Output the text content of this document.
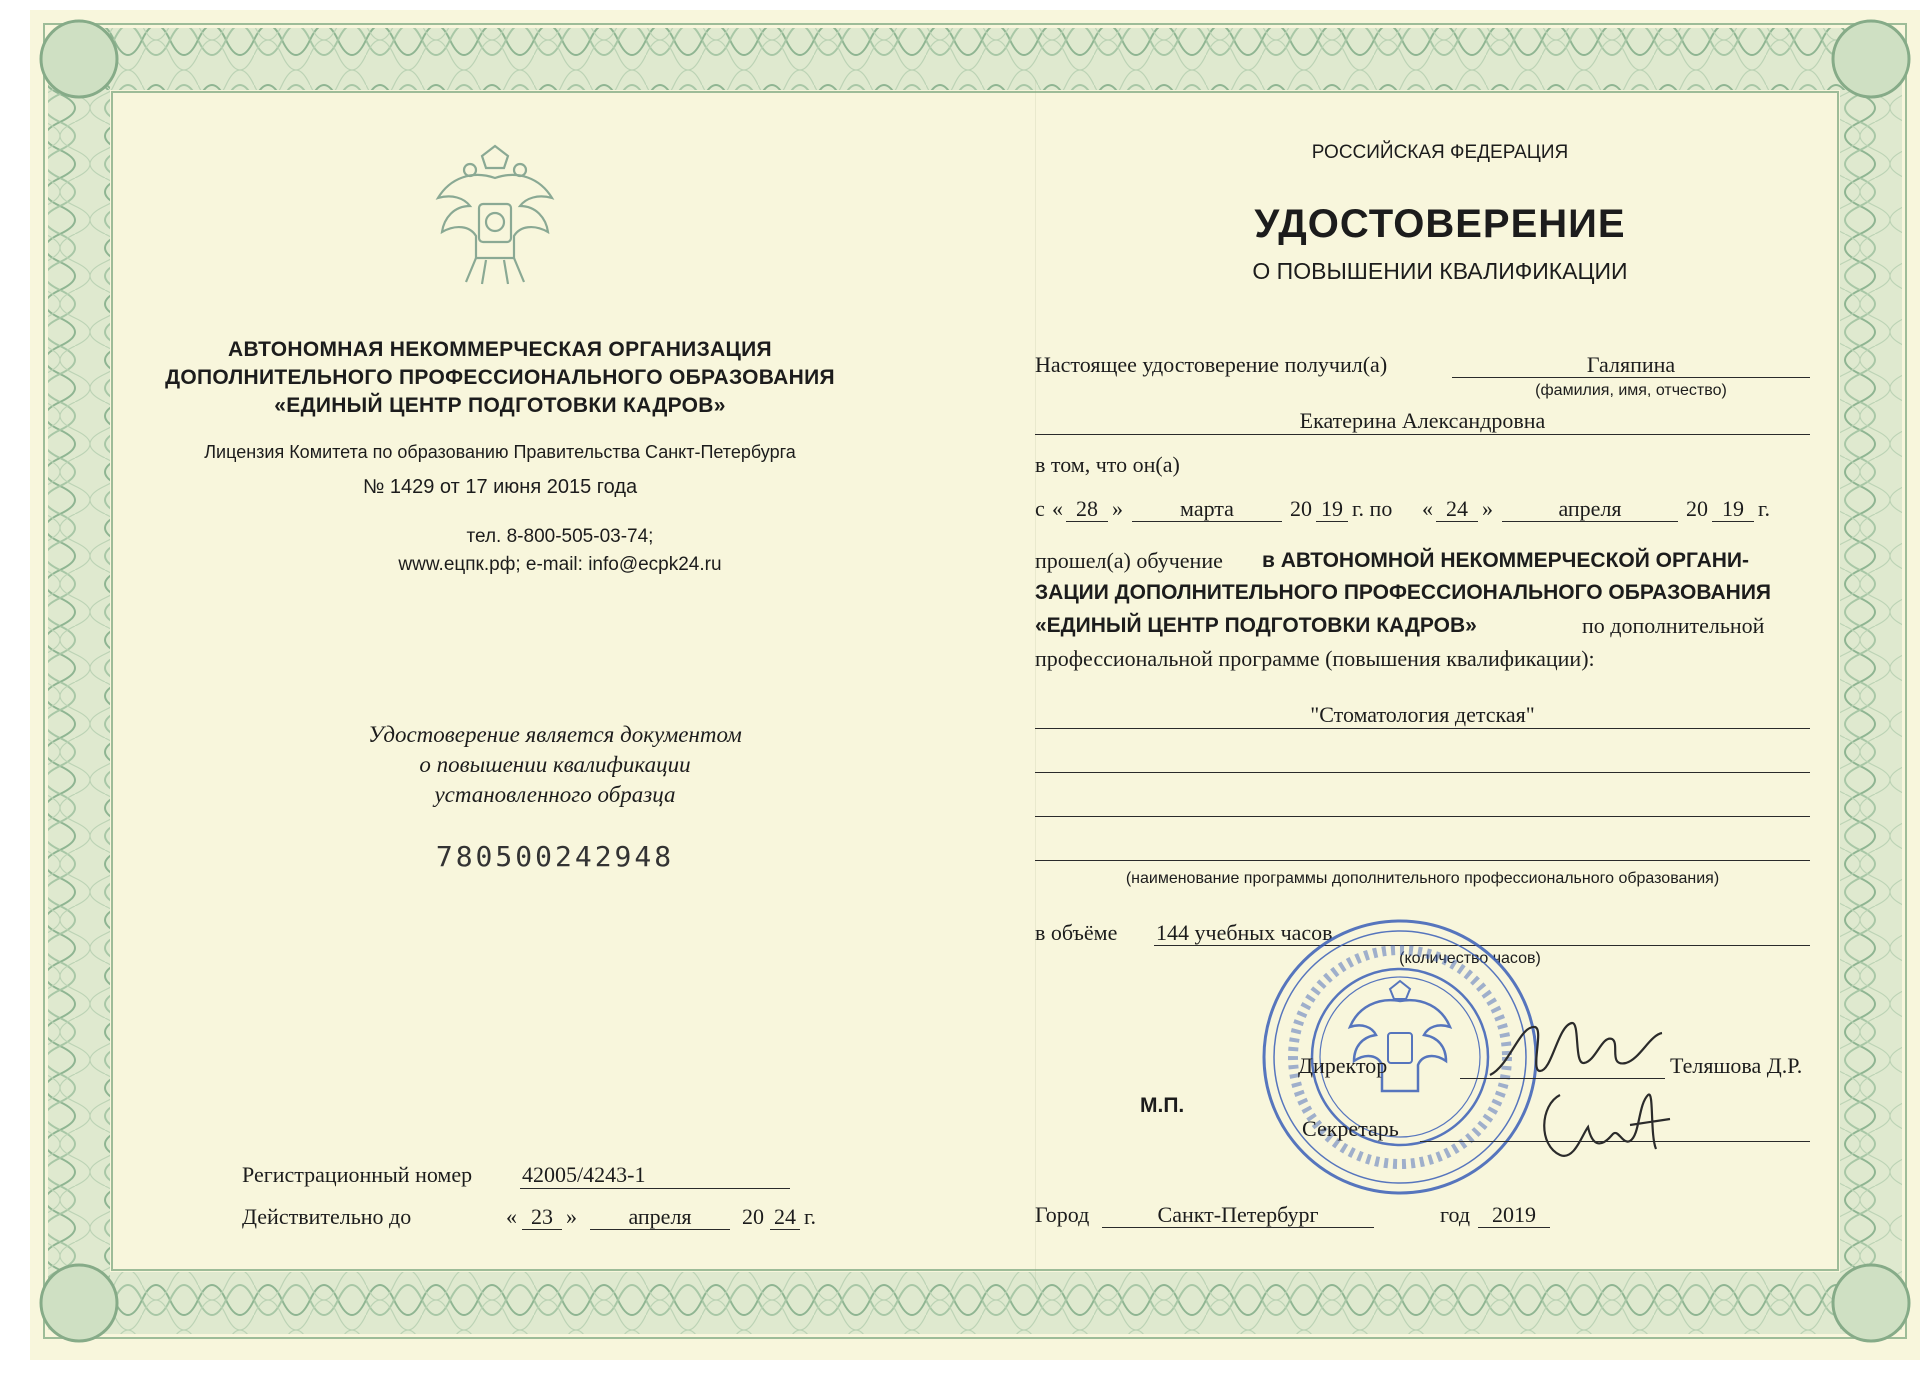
АВТОНОМНАЯ НЕКОММЕРЧЕСКАЯ ОРГАНИЗАЦИЯ
ДОПОЛНИТЕЛЬНОГО ПРОФЕССИОНАЛЬНОГО ОБРАЗОВАНИЯ
«ЕДИНЫЙ ЦЕНТР ПОДГОТОВКИ КАДРОВ»
Лицензия Комитета по образованию Правительства Санкт-Петербурга
№ 1429 от 17 июня 2015 года
тел. 8-800-505-03-74;
www.ецпк.рф; e-mail: info@ecpk24.ru
Удостоверение является документом
о повышении квалификации
установленного образца
780500242948
Регистрационный номер 42005/4243-1
Действительно до	« 23 »	апреля	20 24 г.
РОССИЙСКАЯ ФЕДЕРАЦИЯ
УДОСТОВЕРЕНИЕ
О ПОВЫШЕНИИ КВАЛИФИКАЦИИ
Настоящее удостоверение получил(а)	Галяпина
(фамилия, имя, отчество)
Екатерина Александровна
в том, что он(а)
с « 28 »	марта	20 19 г. по « 24 »	апреля	20 19 г.
прошел(а) обучение в АВТОНОМНОЙ НЕКОММЕРЧЕСКОЙ ОРГАНИ-
ЗАЦИИ ДОПОЛНИТЕЛЬНОГО ПРОФЕССИОНАЛЬНОГО ОБРАЗОВАНИЯ
«ЕДИНЫЙ ЦЕНТР ПОДГОТОВКИ КАДРОВ»	по дополнительной
профессиональной программе (повышения квалификации):
"Стоматология детская"
(наименование программы дополнительного профессионального образования)
в объёме 144 учебных часов
(количество часов)
М.П.
Директор	Теляшова Д.Р.
Секретарь
Город	Санкт-Петербург	год 2019
